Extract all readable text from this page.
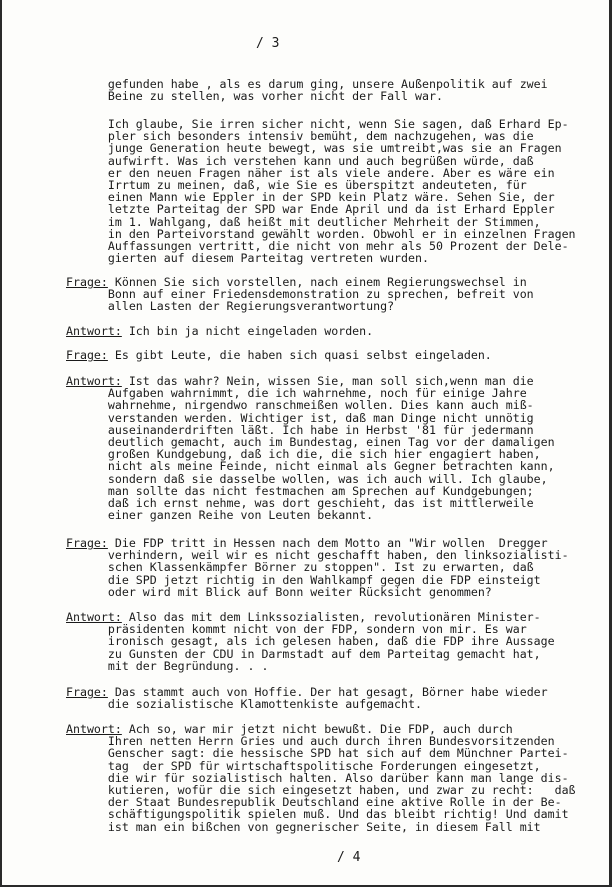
/ 3
gefunden habe , als es darum ging, unsere Außenpolitik auf zwei
Beine zu stellen, was vorher nicht der Fall war.
Ich glaube, Sie irren sicher nicht, wenn Sie sagen, daß Erhard Ep-
pler sich besonders intensiv bemüht, dem nachzugehen, was die
junge Generation heute bewegt, was sie umtreibt,was sie an Fragen
aufwirft. Was ich verstehen kann und auch begrüßen würde, daß
er den neuen Fragen näher ist als viele andere. Aber es wäre ein
Irrtum zu meinen, daß, wie Sie es überspitzt andeuteten, für
einen Mann wie Eppler in der SPD kein Platz wäre. Sehen Sie, der
letzte Parteitag der SPD war Ende April und da ist Erhard Eppler
im 1. Wahlgang, daß heißt mit deutlicher Mehrheit der Stimmen,
in den Parteivorstand gewählt worden. Obwohl er in einzelnen Fragen
Auffassungen vertritt, die nicht von mehr als 50 Prozent der Dele-
gierten auf diesem Parteitag vertreten wurden.
Frage: Können Sie sich vorstellen, nach einem Regierungswechsel in
Bonn auf einer Friedensdemonstration zu sprechen, befreit von
allen Lasten der Regierungsverantwortung?
Antwort: Ich bin ja nicht eingeladen worden.
Frage: Es gibt Leute, die haben sich quasi selbst eingeladen.
Antwort: Ist das wahr? Nein, wissen Sie, man soll sich,wenn man die
Aufgaben wahrnimmt, die ich wahrnehme, noch für einige Jahre
wahrnehme, nirgendwo ranschmeißen wollen. Dies kann auch miß-
verstanden werden. Wichtiger ist, daß man Dinge nicht unnötig
auseinanderdriften läßt. Ich habe in Herbst '81 für jedermann
deutlich gemacht, auch im Bundestag, einen Tag vor der damaligen
großen Kundgebung, daß ich die, die sich hier engagiert haben,
nicht als meine Feinde, nicht einmal als Gegner betrachten kann,
sondern daß sie dasselbe wollen, was ich auch will. Ich glaube,
man sollte das nicht festmachen am Sprechen auf Kundgebungen;
daß ich ernst nehme, was dort geschieht, das ist mittlerweile
einer ganzen Reihe von Leuten bekannt.
Frage: Die FDP tritt in Hessen nach dem Motto an "Wir wollen  Dregger
verhindern, weil wir es nicht geschafft haben, den linksozialisti-
schen Klassenkämpfer Börner zu stoppen". Ist zu erwarten, daß
die SPD jetzt richtig in den Wahlkampf gegen die FDP einsteigt
oder wird mit Blick auf Bonn weiter Rücksicht genommen?
Antwort: Also das mit dem Linkssozialisten, revolutionären Minister-
präsidenten kommt nicht von der FDP, sondern von mir. Es war
ironisch gesagt, als ich gelesen haben, daß die FDP ihre Aussage
zu Gunsten der CDU in Darmstadt auf dem Parteitag gemacht hat,
mit der Begründung. . .
Frage: Das stammt auch von Hoffie. Der hat gesagt, Börner habe wieder
die sozialistische Klamottenkiste aufgemacht.
Antwort: Ach so, war mir jetzt nicht bewußt. Die FDP, auch durch
Ihren netten Herrn Gries und auch durch ihren Bundesvorsitzenden
Genscher sagt: die hessische SPD hat sich auf dem Münchner Partei-
tag  der SPD für wirtschaftspolitische Forderungen eingesetzt,
die wir für sozialistisch halten. Also darüber kann man lange dis-
kutieren, wofür die sich eingesetzt haben, und zwar zu recht:   daß
der Staat Bundesrepublik Deutschland eine aktive Rolle in der Be-
schäftigungspolitik spielen muß. Und das bleibt richtig! Und damit
ist man ein bißchen von gegnerischer Seite, in diesem Fall mit
/ 4
